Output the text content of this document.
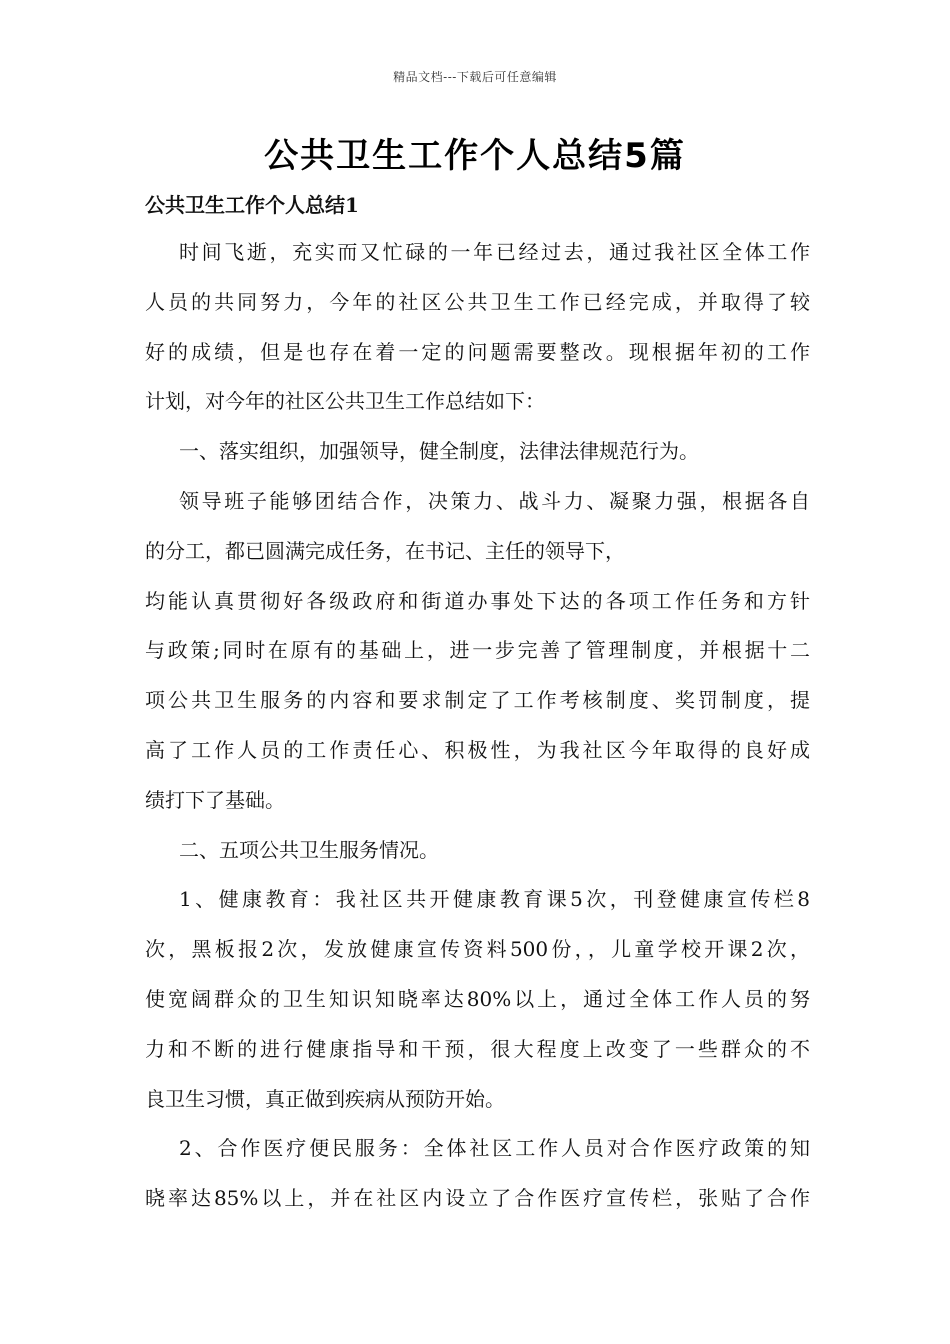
精品文档---下载后可任意编辑
公共卫生工作个人总结5篇
公共卫生工作个人总结1
时间飞逝，充实而又忙碌的一年已经过去，通过我社区全体工作
人员的共同努力，今年的社区公共卫生工作已经完成，并取得了较
好的成绩，但是也存在着一定的问题需要整改。现根据年初的工作
计划，对今年的社区公共卫生工作总结如下：
一、落实组织，加强领导，健全制度，法律法律规范行为。
领导班子能够团结合作，决策力、战斗力、凝聚力强，根据各自
的分工，都已圆满完成任务，在书记、主任的领导下，
均能认真贯彻好各级政府和街道办事处下达的各项工作任务和方针
与政策;同时在原有的基础上，进一步完善了管理制度，并根据十二
项公共卫生服务的内容和要求制定了工作考核制度、奖罚制度，提
高了工作人员的工作责任心、积极性，为我社区今年取得的良好成
绩打下了基础。
二、五项公共卫生服务情况。
1、健康教育：我社区共开健康教育课5次，刊登健康宣传栏8
次，黑板报2次，发放健康宣传资料500份，，儿童学校开课2次，
使宽阔群众的卫生知识知晓率达80%以上，通过全体工作人员的努
力和不断的进行健康指导和干预，很大程度上改变了一些群众的不
良卫生习惯，真正做到疾病从预防开始。
2、合作医疗便民服务：全体社区工作人员对合作医疗政策的知
晓率达85%以上，并在社区内设立了合作医疗宣传栏，张贴了合作
